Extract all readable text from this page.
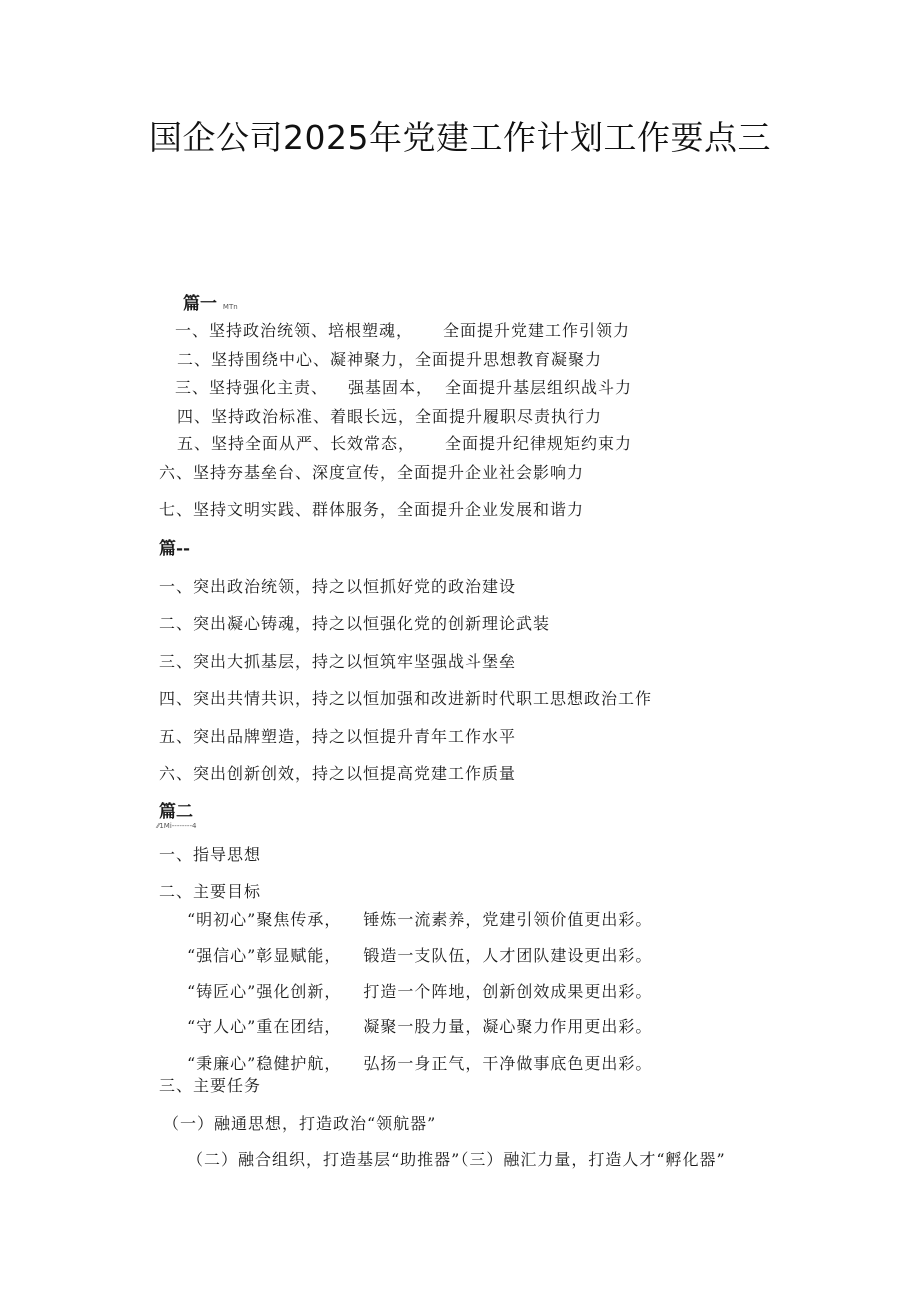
国企公司2025年党建工作计划工作要点三
篇一 MTn
一、坚持政治统领、培根塑魂， 全面提升党建工作引领力
二、坚持围绕中心、凝神聚力，全面提升思想教育凝聚力
三、坚持强化主责、 强基固本， 全面提升基层组织战斗力
四、坚持政治标准、着眼长远，全面提升履职尽责执行力
五、坚持全面从严、长效常态， 全面提升纪律规矩约束力
六、坚持夯基垒台、深度宣传，全面提升企业社会影响力
七、坚持文明实践、群体服务，全面提升企业发展和谐力
篇--
一、突出政治统领，持之以恒抓好党的政治建设
二、突出凝心铸魂，持之以恒强化党的创新理论武装
三、突出大抓基层，持之以恒筑牢坚强战斗堡垒
四、突出共情共识，持之以恒加强和改进新时代职工思想政治工作
五、突出品牌塑造，持之以恒提升青年工作水平
六、突出创新创效，持之以恒提高党建工作质量
篇二
⁄⁄1Mi--------4
一、指导思想
二、主要目标
“明初心”聚焦传承， 锤炼一流素养，党建引领价值更出彩。
“强信心”彰显赋能， 锻造一支队伍，人才团队建设更出彩。
“铸匠心”强化创新， 打造一个阵地，创新创效成果更出彩。
“守人心”重在团结， 凝聚一股力量，凝心聚力作用更出彩。
“秉廉心”稳健护航， 弘扬一身正气，干净做事底色更出彩。
三、主要任务
（一）融通思想，打造政治“领航器”
（二）融合组织，打造基层“助推器”（三）融汇力量，打造人才“孵化器”
